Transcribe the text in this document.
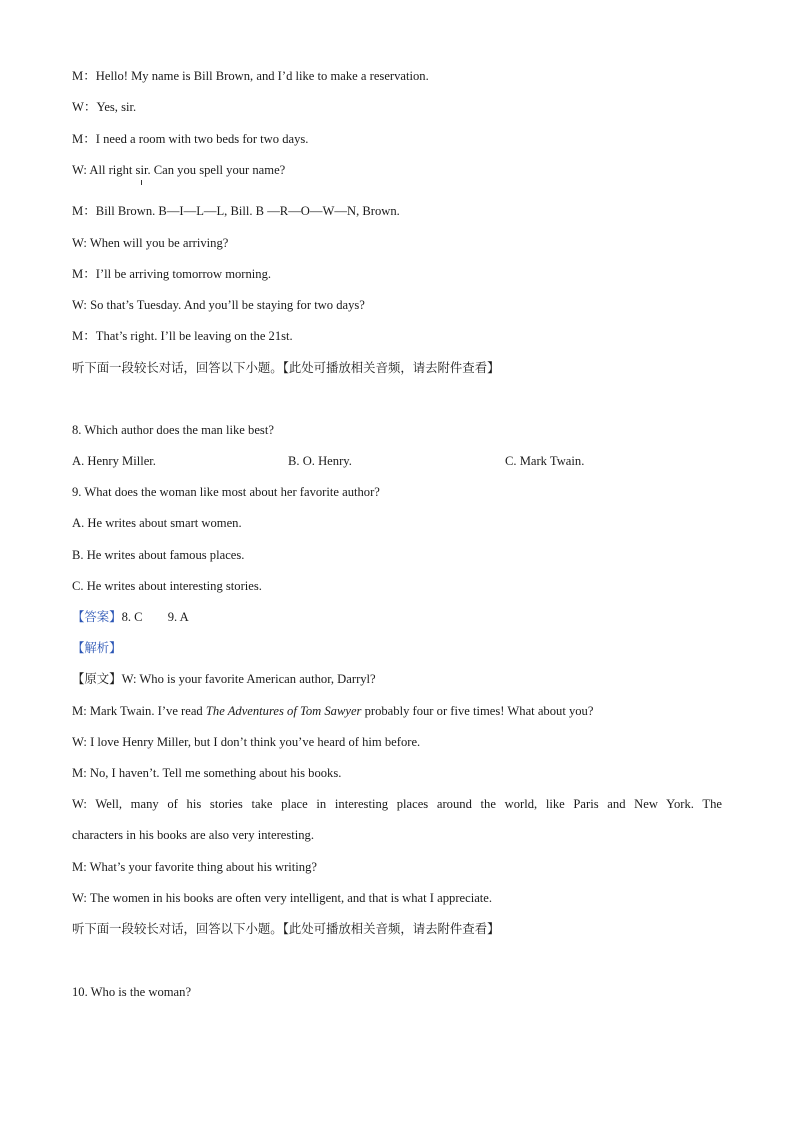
M：Hello! My name is Bill Brown, and I’d like to make a reservation.

W：Yes, sir.

M：I need a room with two beds for two days.

W: All right sir. Can you spell your name?

M：Bill Brown. B—I—L—L, Bill. B —R—O—W—N, Brown.

W: When will you be arriving?

M：I’ll be arriving tomorrow morning.

W: So that’s Tuesday. And you’ll be staying for two days?

M：That’s right. I’ll be leaving on the 21st.

听下面一段较长对话，回答以下小题。【此处可播放相关音频，请去附件查看】

8. Which author does the man like best?

A. Henry Miller.	B. O. Henry.	C. Mark Twain.

9. What does the woman like most about her favorite author?

A. He writes about smart women.

B. He writes about famous places.

C. He writes about interesting stories.

【答案】8. C        9. A

【解析】

【原文】W: Who is your favorite American author, Darryl?

M: Mark Twain. I’ve read The Adventures of Tom Sawyer probably four or five times! What about you?

W: I love Henry Miller, but I don’t think you’ve heard of him before.

M: No, I haven’t. Tell me something about his books.

W: Well, many of his stories take place in interesting places around the world, like Paris and New York. The

characters in his books are also very interesting.

M: What’s your favorite thing about his writing?

W: The women in his books are often very intelligent, and that is what I appreciate.

听下面一段较长对话，回答以下小题。【此处可播放相关音频，请去附件查看】

10. Who is the woman?
